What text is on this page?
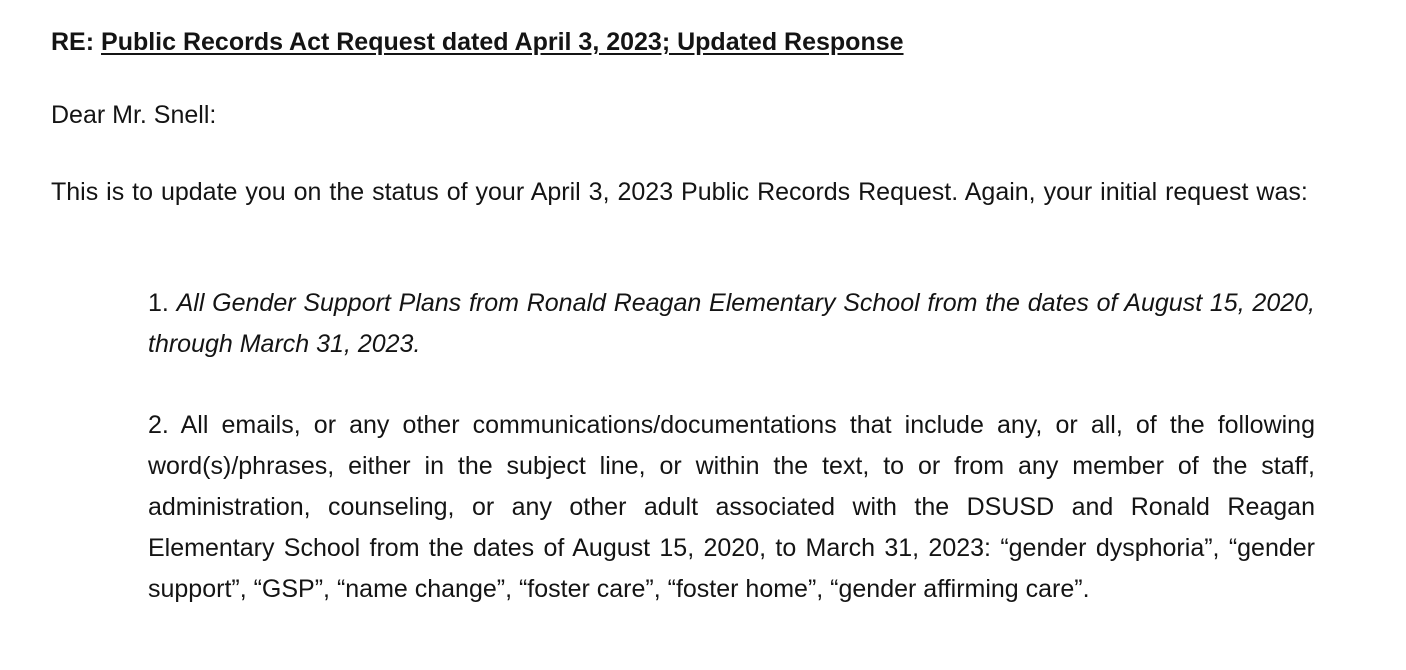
RE: Public Records Act Request dated April 3, 2023; Updated Response
Dear Mr. Snell:
This is to update you on the status of your April 3, 2023 Public Records Request. Again, your initial request was:
1. All Gender Support Plans from Ronald Reagan Elementary School from the dates of August 15, 2020, through March 31, 2023.
2. All emails, or any other communications/documentations that include any, or all, of the following word(s)/phrases, either in the subject line, or within the text, to or from any member of the staff, administration, counseling, or any other adult associated with the DSUSD and Ronald Reagan Elementary School from the dates of August 15, 2020, to March 31, 2023: “gender dysphoria”, “gender support”, “GSP”, “name change”, “foster care”, “foster home”, “gender affirming care”.
